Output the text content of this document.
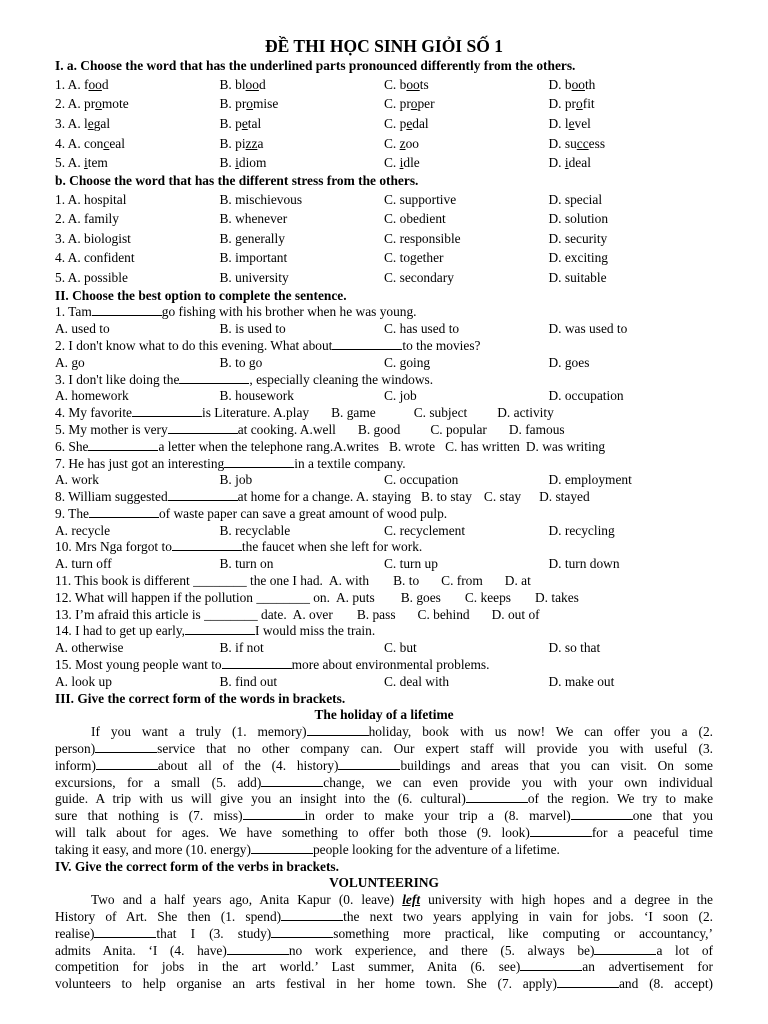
ĐỀ THI HỌC SINH GIỎI SỐ 1
I. a. Choose the word that has the underlined parts pronounced differently from the others.
1. A. food	B. blood	C. boots	D. booth
2. A. promote	B. promise	C. proper	D. profit
3. A. legal	B. petal	C. pedal	D. level
4. A. conceal	B. pizza	C. zoo	D. success
5. A. item	B. idiom	C. idle	D. ideal
b. Choose the word that has the different stress from the others.
1. A. hospital	B. mischievous	C. supportive	D. special
2. A. family	B. whenever	C. obedient	D. solution
3. A. biologist	B. generally	C. responsible	D. security
4. A. confident	B. important	C. together	D. exciting
5. A. possible	B. university	C. secondary	D. suitable
II. Choose the best option to complete the sentence.
1. Tam	go fishing with his brother when he was young.
A. used to	B. is used to	C. has used to	D. was used to
2. I don't know what to do this evening. What about	to the movies?
A. go	B. to go	C. going	D. goes
3. I don't like doing the	, especially cleaning the windows.
A. homework	B. housework	C. job	D. occupation
4. My favorite	is Literature. A.play B. game	C. subject D. activity
5. My mother is very	at cooking. A.well B. good C. popular D. famous
6. She	a letter when the telephone rang.A.writes B. wrote C. has written D. was writing
7. He has just got an interesting	in a textile company.
A. work	B. job	C. occupation	D. employment
8. William suggested	at home for a change. A. staying B. to stay C. stay D. stayed
9. The	of waste paper can save a great amount of wood pulp.
A. recycle	B. recyclable	C. recyclement	D. recycling
10. Mrs Nga forgot to	the faucet when she left for work.
A. turn off	B. turn on	C. turn up	D. turn down
11. This book is different ________ the one I had. A. with B. to C. from D. at
12. What will happen if the pollution ________ on. A. puts B. goes C. keeps D. takes
13. I’m afraid this article is ________ date. A. over B. pass C. behind D. out of
14. I had to get up early,	I would miss the train.
A. otherwise	B. if not	C. but	D. so that
15. Most young people want to	more about environmental problems.
A. look up	B. find out	C. deal with	D. make out
III. Give the correct form of the words in brackets.
The holiday of a lifetime
If you want a truly (1. memory)	holiday, book with us now! We can offer you a (2.
person)	service that no other company can. Our expert staff will provide you with useful (3.
inform)	about all of the (4. history)	buildings and areas that you can visit. On some
excursions, for a small (5. add)	change, we can even provide you with your own individual
guide. A trip with us will give you an insight into the (6. cultural)	of the region. We try to make
sure that nothing is (7. miss)	in order to make your trip a (8. marvel)	one that you
will talk about for ages. We have something to offer both those (9. look)	for a peaceful time
taking it easy, and more (10. energy)	people looking for the adventure of a lifetime.
IV. Give the correct form of the verbs in brackets.
VOLUNTEERING
Two and a half years ago, Anita Kapur (0. leave) left university with high hopes and a degree in the
History of Art. She then (1. spend)	the next two years applying in vain for jobs. ‘I soon (2.
realise)	that I (3. study)	something more practical, like computing or accountancy,’
admits Anita. ‘I (4. have)	no work experience, and there (5. always be)	a lot of
competition for jobs in the art world.’ Last summer, Anita (6. see)	an advertisement for
volunteers to help organise an arts festival in her home town. She (7. apply)	and (8. accept)
